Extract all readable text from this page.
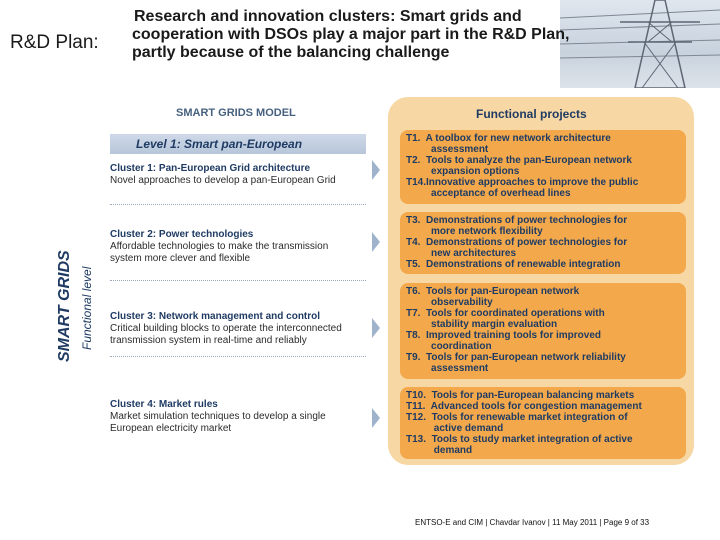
R&D Plan:
Research and innovation clusters: Smart grids and
cooperation with DSOs play a major part in the R&D Plan,
partly because of the balancing challenge
SMART GRIDS MODEL
SMART GRIDS Functional level
Level 1: Smart pan-European
Cluster 1: Pan-European Grid architecture
Novel approaches to develop a pan-European Grid
Cluster 2: Power technologies
Affordable technologies to make the transmission
system more clever and flexible
Cluster 3: Network management and control
Critical building blocks to operate the interconnected
transmission system in real-time and reliably
Cluster 4: Market rules
Market simulation techniques to develop a single
European electricity market
Functional projects
T1.  A toolbox for new network architecture
assessment
T2.  Tools to analyze the pan-European network
expansion options
T14.Innovative approaches to improve the public
acceptance of overhead lines
T3.  Demonstrations of power technologies for
more network flexibility
T4.  Demonstrations of power technologies for
new architectures
T5.  Demonstrations of renewable integration
T6.  Tools for pan-European network
observability
T7.  Tools for coordinated operations with
stability margin evaluation
T8.  Improved training tools for improved
coordination
T9.  Tools for pan-European network reliability
assessment
T10.  Tools for pan-European balancing markets
T11.  Advanced tools for congestion management
T12.  Tools for renewable market integration of
active demand
T13.  Tools to study market integration of active
demand
ENTSO-E and CIM | Chavdar Ivanov | 11 May 2011 | Page 9 of 33
